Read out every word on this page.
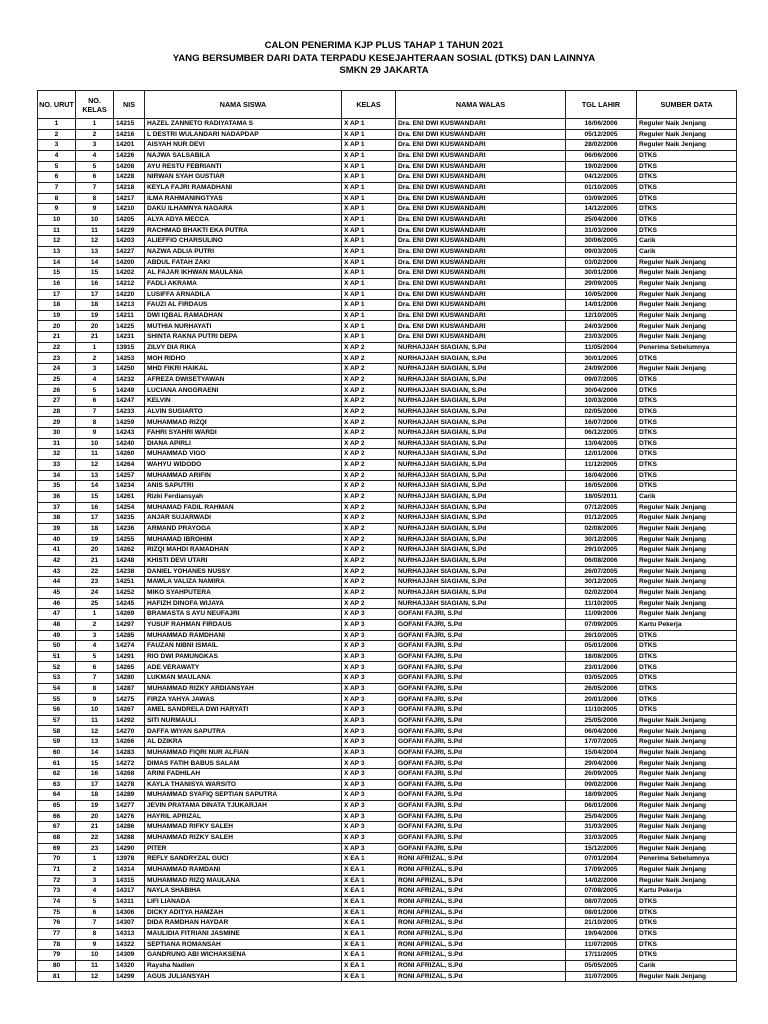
CALON PENERIMA KJP PLUS TAHAP 1 TAHUN 2021
YANG BERSUMBER DARI DATA TERPADU KESEJAHTERAAN SOSIAL (DTKS) DAN LAINNYA
SMKN 29 JAKARTA
NO. URUT	NO. KELAS	NIS	NAMA SISWA	KELAS	NAMA WALAS	TGL LAHIR	SUMBER DATA
1	1	14215	HAZEL ZANNETO RADIYATAMA S	X AP 1	Dra. ENI DWI KUSWANDARI	16/06/2006	Reguler Naik Jenjang
2	2	14216	L DESTRI WULANDARI NADAPDAP	X AP 1	Dra. ENI DWI KUSWANDARI	05/12/2005	Reguler Naik Jenjang
3	3	14201	AISYAH NUR DEVI	X AP 1	Dra. ENI DWI KUSWANDARI	28/02/2006	Reguler Naik Jenjang
4	4	14226	NAJWA SALSABILA	X AP 1	Dra. ENI DWI KUSWANDARI	06/06/2006	DTKS
5	5	14208	AYU RESTU FEBRIANTI	X AP 1	Dra. ENI DWI KUSWANDARI	19/02/2006	DTKS
6	6	14228	NIRWAN SYAH GUSTIAR	X AP 1	Dra. ENI DWI KUSWANDARI	04/12/2005	DTKS
7	7	14218	KEYLA FAJRI RAMADHANI	X AP 1	Dra. ENI DWI KUSWANDARI	01/10/2005	DTKS
8	8	14217	ILMA RAHMANINGTYAS	X AP 1	Dra. ENI DWI KUSWANDARI	03/09/2005	DTKS
9	9	14210	DAKU ILHAMNYA NAGARA	X AP 1	Dra. ENI DWI KUSWANDARI	14/12/2005	DTKS
10	10	14205	ALYA ADYA MECCA	X AP 1	Dra. ENI DWI KUSWANDARI	25/04/2006	DTKS
11	11	14229	RACHMAD BHAKTI EKA PUTRA	X AP 1	Dra. ENI DWI KUSWANDARI	31/03/2006	DTKS
12	12	14203	ALIEFFIO CHARSULINO	X AP 1	Dra. ENI DWI KUSWANDARI	30/06/2005	Carik
13	13	14227	NAZWA ADLIA PUTRI	X AP 1	Dra. ENI DWI KUSWANDARI	09/03/2005	Carik
14	14	14200	ABDUL FATAH ZAKI	X AP 1	Dra. ENI DWI KUSWANDARI	03/02/2006	Reguler Naik Jenjang
15	15	14202	AL FAJAR IKHWAN MAULANA	X AP 1	Dra. ENI DWI KUSWANDARI	30/01/2006	Reguler Naik Jenjang
16	16	14212	FADLI AKRAMA	X AP 1	Dra. ENI DWI KUSWANDARI	29/09/2005	Reguler Naik Jenjang
17	17	14220	LUSIFFA ARNADILA	X AP 1	Dra. ENI DWI KUSWANDARI	10/05/2006	Reguler Naik Jenjang
18	18	14213	FAUZI AL FIRDAUS	X AP 1	Dra. ENI DWI KUSWANDARI	14/01/2006	Reguler Naik Jenjang
19	19	14211	DWI IQBAL RAMADHAN	X AP 1	Dra. ENI DWI KUSWANDARI	12/10/2005	Reguler Naik Jenjang
20	20	14225	MUTHIA NURHAYATI	X AP 1	Dra. ENI DWI KUSWANDARI	24/03/2006	Reguler Naik Jenjang
21	21	14231	SHINTA RAKNA PUTRI DEPA	X AP 1	Dra. ENI DWI KUSWANDARI	23/03/2005	Reguler Naik Jenjang
22	1	13915	ZILVY DIA RIKA	X AP 2	NURHAJJAH SIAGIAN, S.Pd	11/05/2004	Penerima Sebelumnya
23	2	14253	MOH RIDHO	X AP 2	NURHAJJAH SIAGIAN, S.Pd	30/01/2005	DTKS
24	3	14250	MHD FIKRI HAIKAL	X AP 2	NURHAJJAH SIAGIAN, S.Pd	24/09/2006	Reguler Naik Jenjang
25	4	14232	AFREZA DWISETYAWAN	X AP 2	NURHAJJAH SIAGIAN, S.Pd	09/07/2005	DTKS
26	5	14249	LUCIANA ANGGRAENI	X AP 2	NURHAJJAH SIAGIAN, S.Pd	30/04/2006	DTKS
27	6	14247	KELVIN	X AP 2	NURHAJJAH SIAGIAN, S.Pd	10/03/2006	DTKS
28	7	14233	ALVIN SUGIARTO	X AP 2	NURHAJJAH SIAGIAN, S.Pd	02/05/2006	DTKS
29	8	14259	MUHAMMAD RIZQI	X AP 2	NURHAJJAH SIAGIAN, S.Pd	16/07/2006	DTKS
30	9	14243	FAHRI SYAHRI WARDI	X AP 2	NURHAJJAH SIAGIAN, S.Pd	06/12/2005	DTKS
31	10	14240	DIANA APIRLI	X AP 2	NURHAJJAH SIAGIAN, S.Pd	13/04/2005	DTKS
32	11	14260	MUHAMMAD VIGO	X AP 2	NURHAJJAH SIAGIAN, S.Pd	12/01/2006	DTKS
33	12	14264	WAHYU WIDODO	X AP 2	NURHAJJAH SIAGIAN, S.Pd	11/12/2005	DTKS
34	13	14257	MUHAMMAD ARIFIN	X AP 2	NURHAJJAH SIAGIAN, S.Pd	16/04/2006	DTKS
35	14	14234	ANIS SAPUTRI	X AP 2	NURHAJJAH SIAGIAN, S.Pd	16/05/2006	DTKS
36	15	14261	Rizki Ferdiansyah	X AP 2	NURHAJJAH SIAGIAN, S.Pd	18/05/2011	Carik
37	16	14254	MUHAMAD FADIL RAHMAN	X AP 2	NURHAJJAH SIAGIAN, S.Pd	07/12/2005	Reguler Naik Jenjang
38	17	14235	ANJAR SUJARWADI	X AP 2	NURHAJJAH SIAGIAN, S.Pd	01/12/2005	Reguler Naik Jenjang
39	18	14236	ARMAND PRAYOGA	X AP 2	NURHAJJAH SIAGIAN, S.Pd	02/08/2005	Reguler Naik Jenjang
40	19	14255	MUHAMAD IBROHIM	X AP 2	NURHAJJAH SIAGIAN, S.Pd	30/12/2005	Reguler Naik Jenjang
41	20	14262	RIZQI MAHDI RAMADHAN	X AP 2	NURHAJJAH SIAGIAN, S.Pd	29/10/2005	Reguler Naik Jenjang
42	21	14248	KHISTI DEVI UTARI	X AP 2	NURHAJJAH SIAGIAN, S.Pd	06/08/2006	Reguler Naik Jenjang
43	22	14238	DANIEL YOHANES NUSSY	X AP 2	NURHAJJAH SIAGIAN, S.Pd	26/07/2005	Reguler Naik Jenjang
44	23	14251	MAWLA VALIZA NAMIRA	X AP 2	NURHAJJAH SIAGIAN, S.Pd	30/12/2005	Reguler Naik Jenjang
45	24	14252	MIKO SYAHPUTERA	X AP 2	NURHAJJAH SIAGIAN, S.Pd	02/02/2004	Reguler Naik Jenjang
46	25	14245	HAFIZH DINOFA WIJAYA	X AP 2	NURHAJJAH SIAGIAN, S.Pd	11/10/2005	Reguler Naik Jenjang
47	1	14269	BRAMASTA S AYU NEUFAJRI	X AP 3	GOFANI FAJRI, S.Pd	11/09/2006	Reguler Naik Jenjang
48	2	14297	YUSUF RAHMAN FIRDAUS	X AP 3	GOFANI FAJRI, S.Pd	07/09/2005	Kartu Pekerja
49	3	14285	MUHAMMAD RAMDHANI	X AP 3	GOFANI FAJRI, S.Pd	26/10/2005	DTKS
50	4	14274	FAUZAN NIBNI ISMAIL	X AP 3	GOFANI FAJRI, S.Pd	05/01/2006	DTKS
51	5	14291	RIO DWI PAMUNGKAS	X AP 3	GOFANI FAJRI, S.Pd	18/08/2005	DTKS
52	6	14265	ADE VERAWATY	X AP 3	GOFANI FAJRI, S.Pd	23/01/2006	DTKS
53	7	14280	LUKMAN MAULANA	X AP 3	GOFANI FAJRI, S.Pd	03/05/2005	DTKS
54	8	14287	MUHAMMAD RIZKY ARDIANSYAH	X AP 3	GOFANI FAJRI, S.Pd	26/05/2006	DTKS
55	9	14275	FIRZA YAHYA JAWAS	X AP 3	GOFANI FAJRI, S.Pd	20/01/2006	DTKS
56	10	14267	AMEL SANDRELA DWI HARYATI	X AP 3	GOFANI FAJRI, S.Pd	11/10/2005	DTKS
57	11	14292	SITI NURMAULI	X AP 3	GOFANI FAJRI, S.Pd	25/05/2006	Reguler Naik Jenjang
58	12	14270	DAFFA WIYAN SAPUTRA	X AP 3	GOFANI FAJRI, S.Pd	06/04/2006	Reguler Naik Jenjang
59	13	14266	AL DZIKRA	X AP 3	GOFANI FAJRI, S.Pd	17/07/2005	Reguler Naik Jenjang
60	14	14283	MUHAMMAD FIQRI NUR ALFIAN	X AP 3	GOFANI FAJRI, S.Pd	15/04/2004	Reguler Naik Jenjang
61	15	14272	DIMAS FATIH BABUS SALAM	X AP 3	GOFANI FAJRI, S.Pd	29/04/2006	Reguler Naik Jenjang
62	16	14268	ARINI FADHILAH	X AP 3	GOFANI FAJRI, S.Pd	26/09/2005	Reguler Naik Jenjang
63	17	14278	KAYLA THANISYA WARSITO	X AP 3	GOFANI FAJRI, S.Pd	09/02/2006	Reguler Naik Jenjang
64	18	14289	MUHAMMAD SYAFIQ SEPTIAN SAPUTRA	X AP 3	GOFANI FAJRI, S.Pd	18/09/2005	Reguler Naik Jenjang
65	19	14277	JEVIN PRATAMA DINATA TJUKARJAH	X AP 3	GOFANI FAJRI, S.Pd	06/01/2006	Reguler Naik Jenjang
66	20	14276	HAYRIL APRIZAL	X AP 3	GOFANI FAJRI, S.Pd	25/04/2005	Reguler Naik Jenjang
67	21	14286	MUHAMMAD RIFKY SALEH	X AP 3	GOFANI FAJRI, S.Pd	31/03/2005	Reguler Naik Jenjang
68	22	14288	MUHAMMAD RIZKY SALEH	X AP 3	GOFANI FAJRI, S.Pd	31/03/2005	Reguler Naik Jenjang
69	23	14290	PITER	X AP 3	GOFANI FAJRI, S.Pd	15/12/2005	Reguler Naik Jenjang
70	1	13978	REFLY SANDRYZAL GUCI	X EA 1	RONI AFRIZAL, S.Pd	07/01/2004	Penerima Sebelumnya
71	2	14314	MUHAMMAD RAMDANI	X EA 1	RONI AFRIZAL, S.Pd	17/09/2005	Reguler Naik Jenjang
72	3	14315	MUHAMMAD RIZQ MAULANA	X EA 1	RONI AFRIZAL, S.Pd	14/02/2006	Reguler Naik Jenjang
73	4	14317	NAYLA SHABIHA	X EA 1	RONI AFRIZAL, S.Pd	07/08/2005	Kartu Pekerja
74	5	14311	LIFI LIANADA	X EA 1	RONI AFRIZAL, S.Pd	08/07/2005	DTKS
75	6	14306	DICKY ADITYA HAMZAH	X EA 1	RONI AFRIZAL, S.Pd	08/01/2006	DTKS
76	7	14307	DIDA RAMDHAN HAYDAR	X EA 1	RONI AFRIZAL, S.Pd	21/10/2005	DTKS
77	8	14313	MAULIDIA FITRIANI JASMINE	X EA 1	RONI AFRIZAL, S.Pd	19/04/2006	DTKS
78	9	14322	SEPTIANA ROMANSAH	X EA 1	RONI AFRIZAL, S.Pd	11/07/2005	DTKS
79	10	14309	GANDRUNG ABI WICHAKSENA	X EA 1	RONI AFRIZAL, S.Pd	17/11/2005	DTKS
80	11	14320	Raysha Nadien	X EA 1	RONI AFRIZAL, S.Pd	05/05/2005	Carik
81	12	14299	AGUS JULIANSYAH	X EA 1	RONI AFRIZAL, S.Pd	31/07/2005	Reguler Naik Jenjang
